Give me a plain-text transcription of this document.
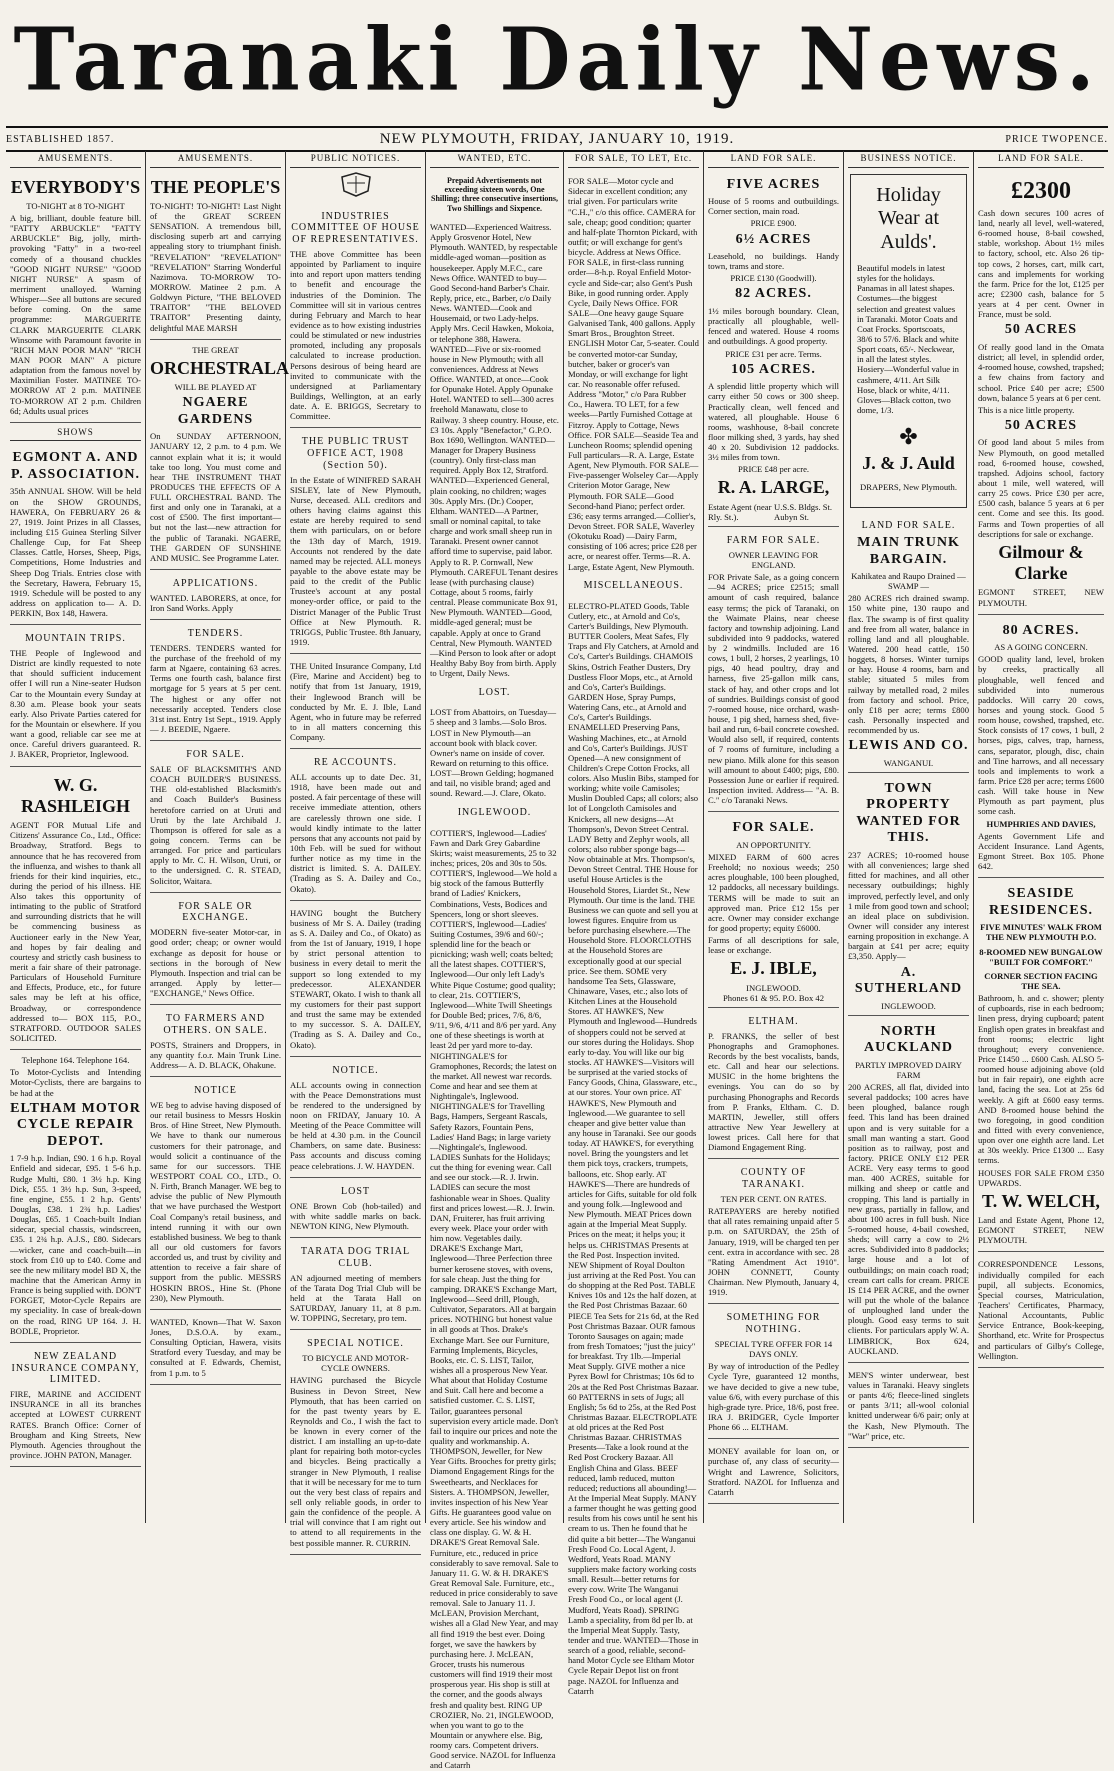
Taranaki Daily News.
ESTABLISHED 1857.	NEW PLYMOUTH, FRIDAY, JANUARY 10, 1919.	PRICE TWOPENCE.
AMUSEMENTS.
EVERYBODY'S
TO-NIGHT at 8 TO-NIGHT

A big, brilliant, double feature bill. "FATTY ARBUCKLE" "FATTY ARBUCKLE" Big, jolly, mirth-provoking "Fatty" in a two-reel comedy of a thousand chuckles "GOOD NIGHT NURSE" "GOOD NIGHT NURSE" A spasm of merriment unalloyed. Warning Whisper—See all buttons are secured before coming. On the same programme: MARGUERITE CLARK MARGUERITE CLARK Winsome with Paramount favorite in "RICH MAN POOR MAN" "RICH MAN POOR MAN" A picture adaptation from the famous novel by Maximilian Foster. MATINEE TO-MORROW AT 2 p.m. MATINEE TO-MORROW AT 2 p.m. Children 6d; Adults usual prices

SHOWS
EGMONT A. AND P. ASSOCIATION.

35th ANNUAL SHOW. Will be held on the SHOW GROUNDS, HAWERA, On FEBRUARY 26 & 27, 1919. Joint Prizes in all Classes, including £15 Guinea Sterling Silver Challenge Cup, for Fat Sheep Classes. Cattle, Horses, Sheep, Pigs, Competitions, Home Industries and Sheep Dog Trials. Entries close with the Secretary, Hawera, February 15, 1919. Schedule will be posted to any address on application to— A. D. PERKIN, Box 148, Hawera.

MOUNTAIN TRIPS.

THE People of Inglewood and District are kindly requested to note that should sufficient inducement offer I will run a Nine-seater Hudson Car to the Mountain every Sunday at 8.30 a.m. Please book your seats early. Also Private Parties catered for for the Mountain or elsewhere. If you want a good, reliable car see me at once. Careful drivers guaranteed. R. J. BAKER, Proprietor, Inglewood.

W. G. RASHLEIGH

AGENT FOR Mutual Life and Citizens' Assurance Co., Ltd., Office: Broadway, Stratford. Begs to announce that he has recovered from the influenza, and wishes to thank all friends for their kind inquiries, etc., during the period of his illness. HE Also takes this opportunity of intimating to the public of Stratford and surrounding districts that he will be commencing business as Auctioneer early in the New Year, and hopes by fair dealing and courtesy and strictly cash business to merit a fair share of their patronage. Particulars of Household Furniture and Effects, Produce, etc., for future sales may be left at his office, Broadway, or correspondence addressed to— BOX 115, P.O., STRATFORD. OUTDOOR SALES SOLICITED.

Telephone 164. Telephone 164.

To Motor-Cyclists and Intending Motor-Cyclists, there are bargains to be had at the

ELTHAM MOTOR CYCLE REPAIR DEPOT.

1 7-9 h.p. Indian, £90. 1 6 h.p. Royal Enfield and sidecar, £95. 1 5-6 h.p. Rudge Multi, £80. 1 3½ h.p. King Dick, £55. 1 3½ h.p. Sun, 3-speed, fine engine, £55. 1 2 h.p. Gents' Douglas, £38. 1 2¾ h.p. Ladies' Douglas, £65. 1 Coach-built Indian sidecar, special chassis, windscreen, £35. 1 2¾ h.p. A.J.S., £80. Sidecars—wicker, cane and coach-built—in stock from £10 up to £40. Come and see the new military model BD X, the machine that the American Army in France is being supplied with. DON'T FORGET, Motor-Cycle Repairs are my speciality. In case of break-down on the road, RING UP 164. J. H. BODLE, Proprietor.

NEW ZEALAND INSURANCE COMPANY, LIMITED.

FIRE, MARINE and ACCIDENT INSURANCE in all its branches accepted at LOWEST CURRENT RATES. Branch Office: Corner of Brougham and King Streets, New Plymouth. Agencies throughout the province. JOHN PATON, Manager.

AMUSEMENTS.
THE PEOPLE'S

TO-NIGHT! TO-NIGHT! Last Night of the GREAT SCREEN SENSATION. A tremendous bill, disclosing superb art and carrying appealing story to triumphant finish. "REVELATION" "REVELATION" "REVELATION" Starring Wonderful Nazimova. TO-MORROW TO-MORROW. Matinee 2 p.m. A Goldwyn Picture, "THE BELOVED TRAITOR" "THE BELOVED TRAITOR" Presenting dainty, delightful MAE MARSH

THE GREAT
ORCHESTRALA
WILL BE PLAYED AT
NGAERE GARDENS

On SUNDAY AFTERNOON, JANUARY 12, 2 p.m. to 4 p.m. We cannot explain what it is; it would take too long. You must come and hear THE INSTRUMENT THAT PRODUCES THE EFFECTS OF A FULL ORCHESTRAL BAND. The first and only one in Taranaki, at a cost of £500. The first important—but not the last—new attraction for the public of Taranaki. NGAERE, THE GARDEN OF SUNSHINE AND MUSIC. See Programme Later.

APPLICATIONS.

WANTED. LABORERS, at once, for Iron Sand Works. Apply

TENDERS.

TENDERS. TENDERS wanted for the purchase of the freehold of my farm at Ngaere, containing 63 acres. Terms one fourth cash, balance first mortgage for 5 years at 5 per cent. The highest or any offer not necessarily accepted. Tenders close 31st inst. Entry 1st Sept., 1919. Apply— J. BEEDIE, Ngaere.

FOR SALE.

SALE OF BLACKSMITH'S AND COACH BUILDER'S BUSINESS. THE old-established Blacksmith's and Coach Builder's Business heretofore carried on at Uruti and Uruti by the late Archibald J. Thompson is offered for sale as a going concern. Terms can be arranged. For price and particulars apply to Mr. C. H. Wilson, Uruti, or to the undersigned. C. R. STEAD, Solicitor, Waitara.

FOR SALE OR EXCHANGE.

MODERN five-seater Motor-car, in good order; cheap; or owner would exchange as deposit for house or sections in the borough of New Plymouth. Inspection and trial can be arranged. Apply by letter— "EXCHANGE," News Office.

TO FARMERS AND OTHERS. ON SALE.

POSTS, Strainers and Droppers, in any quantity f.o.r. Main Trunk Line. Address— A. D. BLACK, Ohakune.

NOTICE

WE beg to advise having disposed of our retail business to Messrs Hoskin Bros. of Hine Street, New Plymouth. We have to thank our numerous customers for their patronage, and would solicit a continuance of the same for our successors. THE WESTPORT COAL CO., LTD., O. N. Firth, Branch Manager. WE beg to advise the public of New Plymouth that we have purchased the Westport Coal Company's retail business, and intend running it with our own established business. We beg to thank all our old customers for favors accorded us, and trust by civility and attention to receive a fair share of support from the public. MESSRS HOSKIN BROS., Hine St. (Phone 230), New Plymouth.

WANTED, Known—That W. Saxon Jones, D.S.O.A. by exam., Consulting Optician, Hawera, visits Stratford every Tuesday, and may be consulted at F. Edwards, Chemist, from 1 p.m. to 5

PUBLIC NOTICES.
INDUSTRIES COMMITTEE OF HOUSE OF REPRESENTATIVES.

THE above Committee has been appointed by Parliament to inquire into and report upon matters tending to benefit and encourage the industries of the Dominion. The Committee will sit in various centres during February and March to hear evidence as to how existing industries could be stimulated or new industries promoted, including any proposals calculated to increase production. Persons desirous of being heard are invited to communicate with the undersigned at Parliamentary Buildings, Wellington, at an early date. A. E. BRIGGS, Secretary to Committee.

THE PUBLIC TRUST OFFICE ACT, 1908 (Section 50).

In the Estate of WINIFRED SARAH SISLEY, late of New Plymouth, Nurse, deceased. ALL creditors and others having claims against this estate are hereby required to send them with particulars, on or before the 13th day of March, 1919. Accounts not rendered by the date named may be rejected. ALL moneys payable to the above estate may be paid to the credit of the Public Trustee's account at any postal money-order office, or paid to the District Manager of the Public Trust Office at New Plymouth. R. TRIGGS, Public Trustee. 8th January, 1919.

THE United Insurance Company, Ltd (Fire, Marine and Accident) beg to notify that from 1st January, 1919, their Inglewood Branch will be conducted by Mr. E. J. Ible, Land Agent, who in future may be referred to in all matters concerning this Company.

RE ACCOUNTS.

ALL accounts up to date Dec. 31, 1918, have been made out and posted. A fair percentage of these will receive immediate attention, others are carelessly thrown one side. I would kindly intimate to the latter persons that any accounts not paid by 10th Feb. will be sued for without further notice as my time in the district is limited. S. A. DAILEY. (Trading as S. A. Dailey and Co., Okato).

HAVING bought the Butchery business of Mr S. A. Dailey (trading as S. A. Dailey and Co., of Okato) as from the 1st of January, 1919, I hope by strict personal attention to business in every detail to merit the support so long extended to my predecessor. ALEXANDER STEWART, Okato. I wish to thank all my customers for their past support and trust the same may be extended to my successor. S. A. DAILEY, (Trading as S. A. Dailey and Co., Okato).

NOTICE.

ALL accounts owing in connection with the Peace Demonstrations must be rendered to the undersigned by noon on FRIDAY, January 10. A Meeting of the Peace Committee will be held at 4.30 p.m. in the Council Chambers, on same date. Business: Pass accounts and discuss coming peace celebrations. J. W. HAYDEN.

LOST

ONE Brown Cob (hob-tailed) and with white saddle marks on back. NEWTON KING, New Plymouth.

TARATA DOG TRIAL CLUB.

AN adjourned meeting of members of the Tarata Dog Trial Club will be held at the Tarata Hall on SATURDAY, January 11, at 8 p.m. W. TOPPING, Secretary, pro tem.

SPECIAL NOTICE.
TO BICYCLE AND MOTOR-CYCLE OWNERS.

HAVING purchased the Bicycle Business in Devon Street, New Plymouth, that has been carried on for the past twenty years by E. Reynolds and Co., I wish the fact to be known in every corner of the district. I am installing an up-to-date plant for repairing both motor-cycles and bicycles. Being practically a stranger in New Plymouth, I realise that it will be necessary for me to turn out the very best class of repairs and sell only reliable goods, in order to gain the confidence of the people. A trial will convince that I am right out to attend to all requirements in the best possible manner. R. CURRIN.

WANTED, ETC.

Prepaid Advertisements not exceeding sixteen words, One Shilling; three consecutive insertions, Two Shillings and Sixpence.

WANTED—Experienced Waitress. Apply Grosvenor Hotel, New Plymouth. WANTED, by respectable middle-aged woman—position as housekeeper. Apply M.F.C., care News Office. WANTED to buy—Good Second-hand Barber's Chair. Reply, price, etc., Barber, c/o Daily News. WANTED—Cook and Housemaid, or two Lady-helps. Apply Mrs. Cecil Hawken, Mokoia, or telephone 388, Hawera. WANTED—Five or six-roomed house in New Plymouth; with all conveniences. Address at News Office. WANTED, at once—Cook for Opunake Hotel. Apply Opunake Hotel. WANTED to sell—300 acres freehold Manawatu, close to Railway. 3 sheep country. House, etc. £3 10s. Apply "Benefactor," G.P.O. Box 1690, Wellington. WANTED—Manager for Drapery Business (country). Only first-class man required. Apply Box 12, Stratford. WANTED—Experienced General, plain cooking, no children; wages 30s. Apply Mrs. (Dr.) Cooper, Eltham. WANTED—A Partner, small or nominal capital, to take charge and work small sheep run in Taranaki. Present owner cannot afford time to supervise, paid labor. Apply to R. P. Cornwall, New Plymouth. CAREFUL Tenant desires lease (with purchasing clause) Cottage, about 5 rooms, fairly central. Please communicate Box 91, New Plymouth. WANTED—Good, middle-aged general; must be capable. Apply at once to Grand Central, New Plymouth. WANTED—Kind Person to look after or adopt Healthy Baby Boy from birth. Apply to Urgent, Daily News.

LOST.

LOST from Abattoirs, on Tuesday—5 sheep and 3 lambs.—Solo Bros. LOST in New Plymouth—an account book with black cover. Owner's name on inside of cover. Reward on returning to this office. LOST—Brown Gelding; hogmaned and tail, no visible brand; aged and sound. Reward.—J. Clare, Okato.

INGLEWOOD.

COTTIER'S, Inglewood—Ladies' Fawn and Dark Grey Gabardine Skirts; waist measurements, 25 to 32 inches; prices, 20s and 30s to 50s. COTTIER'S, Inglewood—We hold a big stock of the famous Butterfly brand of Ladies' Knickers, Combinations, Vests, Bodices and Spencers, long or short sleeves. COTTIER'S, Inglewood—Ladies' Suiting Costumes, 39/6 and 60/-; splendid line for the beach or picnicking; wash well; coats belted; all the latest shapes. COTTIER'S, Inglewood—Our only left Lady's White Pique Costume; good quality; to clear, 21s. COTTIER'S, Inglewood—White Twill Sheetings for Double Bed; prices, 7/6, 8/6, 9/11, 9/6, 4/11 and 8/6 per yard. Any one of these sheetings is worth at least 2d per yard more to-day. NIGHTINGALE'S for Gramophones, Records; the latest on the market. All newest war records. Come and hear and see them at Nightingale's, Inglewood. NIGHTINGALE'S for Travelling Bags, Hampers, Sergeant Rascals, Safety Razors, Fountain Pens, Ladies' Hand Bags; in large variety—Nightingale's, Inglewood. LADIES Sunhats for the Holidays; cut the thing for evening wear. Call and see our stock.—R. J. Irwin. LADIES can secure the most fashionable wear in Shoes. Quality first and prices lowest.—R. J. Irwin. DAN, Fruiterer, has fruit arriving every week. Place your order with him now. Vegetables daily. DRAKE'S Exchange Mart, Inglewood—Three Perfection three burner kerosene stoves, with ovens, for sale cheap. Just the thing for camping. DRAKE'S Exchange Mart, Inglewood—Seed drill, Plough, Cultivator, Separators. All at bargain prices. NOTHING but honest value in all goods at Thos. Drake's Exchange Mart. See our Furniture, Farming Implements, Bicycles, Books, etc. C. S. LIST, Tailor, wishes all a prosperous New Year. What about that Holiday Costume and Suit. Call here and become a satisfied customer. C. S. LIST, Tailor, guarantees personal supervision every article made. Don't fail to inquire our prices and note the quality and workmanship. A. THOMPSON, Jeweller, for New Year Gifts. Brooches for pretty girls; Diamond Engagement Rings for the Sweethearts, and Necklaces for Sisters. A. THOMPSON, Jeweller, invites inspection of his New Year Gifts. He guarantees good value on every article. See his window and class one display. G. W. & H. DRAKE'S Great Removal Sale. Furniture, etc., reduced in price considerably to save removal. Sale to January 11. G. W. & H. DRAKE'S Great Removal Sale. Furniture, etc., reduced in price considerably to save removal. Sale to January 11. J. McLEAN, Provision Merchant, wishes all a Glad New Year, and may all find 1919 the best ever. Doing forget, we save the hawkers by purchasing here. J. McLEAN, Grocer, trusts his numerous customers will find 1919 their most prosperous year. His shop is still at the corner, and the goods always fresh and quality best. RING UP CROZIER, No. 21, INGLEWOOD, when you want to go to the Mountain or anywhere else. Big, roomy cars. Competent drivers. Good service. NAZOL for Influenza and Catarrh

FOR SALE, TO LET, Etc.

FOR SALE—Motor cycle and Sidecar in excellent condition; any trial given. For particulars write "C.H.," c/o this office. CAMERA for sale, cheap; good condition; quarter and half-plate Thornton Pickard, with outfit; or will exchange for gent's bicycle. Address at News Office. FOR SALE, in first-class running order—8-h.p. Royal Enfield Motor-cycle and Side-car; also Gent's Push Bike, in good running order. Apply Cycle, Daily News Office. FOR SALE—One heavy gauge Square Galvanised Tank, 400 gallons. Apply Smart Bros., Broughton Street. ENGLISH Motor Car, 5-seater. Could be converted motor-car Sunday, butcher, baker or grocer's van Monday, or will exchange for light car. No reasonable offer refused. Address "Motor," c/o Para Rubber Co., Hawera. TO LET, for a few weeks—Partly Furnished Cottage at Fitzroy. Apply to Cottage, News Office. FOR SALE—Seaside Tea and Luncheon Rooms; splendid opening Full particulars—R. A. Large, Estate Agent, New Plymouth. FOR SALE—Five-passenger Wolseley Car—Apply Criterion Motor Garage, New Plymouth. FOR SALE—Good Second-hand Piano; perfect order. £36; easy terms arranged.—Collier's, Devon Street. FOR SALE, Waverley (Okotuku Road) —Dairy Farm, consisting of 106 acres; price £28 per acre, or nearest offer. Terms—R. A. Large, Estate Agent, New Plymouth.

MISCELLANEOUS.

ELECTRO-PLATED Goods, Table Cutlery, etc., at Arnold and Co's, Carter's Buildings, New Plymouth. BUTTER Coolers, Meat Safes, Fly Traps and Fly Catchers, at Arnold and Co's, Carter's Buildings. CHAMOIS Skins, Ostrich Feather Dusters, Dry Dustless Floor Mops, etc., at Arnold and Co's, Carter's Buildings. GARDEN Hose, Spray Pumps, Watering Cans, etc., at Arnold and Co's, Carter's Buildings. ENAMELLED Preserving Pans, Washing Machines, etc., at Arnold and Co's, Carter's Buildings. JUST Opened—A new consignment of Children's Crepe Cotton Frocks, all colors. Also Muslin Bibs, stamped for working; white voile Camisoles; Muslin Doubled Caps; all colors; also lot of Longcloth Camisoles and Knickers, all new designs—At Thompson's, Devon Street Central. LADY Betty and Zephyr wools, all colors; also rubber sponge bags—Now obtainable at Mrs. Thompson's, Devon Street Central. THE House for useful House Articles is the Household Stores, Liardet St., New Plymouth. Our time is the land. THE Business we can quote and sell you at lowest figures. Enquire from us before purchasing elsewhere.—The Household Store. FLOORCLOTHS at the Household Stores are exceptionally good at our special price. See them. SOME very handsome Tea Sets, Glassware, Chinaware, Vases, etc.; also lots of Kitchen Lines at the Household Stores. AT HAWKE'S, New Plymouth and Inglewood—Hundreds of shoppers could not be served at our stores during the Holidays. Shop early to-day. You will like our big stocks. AT HAWKE'S—Visitors will be surprised at the varied stocks of Fancy Goods, China, Glassware, etc., at our stores. Your own price. AT HAWKE'S, New Plymouth and Inglewood.—We guarantee to sell cheaper and give better value than any house in Taranaki. See our goods today. AT HAWKE'S, for everything novel. Bring the youngsters and let them pick toys, crackers, trumpets, balloons, etc. Shop early. AT HAWKE'S—There are hundreds of articles for Gifts, suitable for old folk and young folk.—Inglewood and New Plymouth. MEAT Prices down again at the Imperial Meat Supply. Prices on the meat; it helps you; it helps us. CHRISTMAS Presents at the Red Post. Inspection invited. NEW Shipment of Royal Doulton just arriving at the Red Post. You can do shopping at the Red Post. TABLE Knives 10s and 12s the half dozen, at the Red Post Christmas Bazaar. 60 PIECE Tea Sets for 21s 6d, at the Red Post Christmas Bazaar. OUR famous Toronto Sausages on again; made from fresh Tomatoes; "just the juicy" for breakfast. Try 1lb.—Imperial Meat Supply. GIVE mother a nice Pyrex Bowl for Christmas; 10s 6d to 20s at the Red Post Christmas Bazaar. 60 PATTERNS in sets of Jugs; all English; 5s 6d to 25s, at the Red Post Christmas Bazaar. ELECTROPLATE at old prices at the Red Post Christmas Bazaar. CHRISTMAS Presents—Take a look round at the Red Post Crockery Bazaar. All English China and Glass. BEEF reduced, lamb reduced, mutton reduced; reductions all abounding!—At the Imperial Meat Supply. MANY a farmer thought he was getting good results from his cows until he sent his cream to us. Then he found that he did quite a bit better—The Wanganui Fresh Food Co. Local Agent, J. Wedford, Yeats Road. MANY suppliers make factory working costs small. Result—better returns for every cow. Write The Wanganui Fresh Food Co., or local agent (J. Mudford, Yeats Road). SPRING Lamb a speciality, from 8d per lb. at the Imperial Meat Supply. Tasty, tender and true. WANTED—Those in search of a good, reliable, second-hand Motor Cycle see Eltham Motor Cycle Repair Depot list on front page. NAZOL for Influenza and Catarrh

LAND FOR SALE.
FIVE ACRES

House of 5 rooms and outbuildings. Corner section, main road.

PRICE £900.
6½ ACRES

Leasehold, no buildings. Handy town, trams and store.

PRICE £130 (Goodwill).
82 ACRES.

1½ miles borough boundary. Clean, practically all ploughable, well-fenced and watered. House 4 rooms and outbuildings. A good property.

PRICE £31 per acre. Terms.
105 ACRES.

A splendid little property which will carry either 50 cows or 300 sheep. Practically clean, well fenced and watered, all ploughable. House 6 rooms, washhouse, 8-bail concrete floor milking shed, 3 yards, hay shed 40 x 20. Subdivision 12 paddocks. 3½ miles from town.

PRICE £48 per acre.
R. A. LARGE,
Estate Agent (near Rly. St.).
U.S.S. Bldgs. St. Aubyn St.
FARM FOR SALE.
OWNER LEAVING FOR ENGLAND.

FOR Private Sale, as a going concern—94 ACRES; price £2515; small amount of cash required, balance easy terms; the pick of Taranaki, on the Waimate Plains, near cheese factory and township adjoining. Land subdivided into 9 paddocks, watered by 2 windmills. Included are 16 cows, 1 bull, 2 horses, 2 yearlings, 10 pigs, 40 head poultry, dray and harness, five 25-gallon milk cans, stack of hay, and other crops and lot of sundries. Buildings consist of good 7-roomed house, nice orchard, wash-house, 1 pig shed, harness shed, five-bail and run, 6-bail concrete cowshed. Would also sell, if required, contents of 7 rooms of furniture, including a new piano. Milk alone for this season will amount to about £400; pigs, £80. Possession June or earlier if required. Inspection invited. Address— "A. B. C." c/o Taranaki News.

FOR SALE.
AN OPPORTUNITY.

MIXED FARM of 600 acres Freehold; no noxious weeds; 250 acres ploughable, 100 been ploughed, 12 paddocks, all necessary buildings. TERMS will be made to suit an approved man. Price £12 15s per acre. Owner may consider exchange for good property; equity £6000.

Farms of all descriptions for sale, lease or exchange.

E. J. IBLE,
INGLEWOOD.
Phones 61 & 95. P.O. Box 42
ELTHAM.

P. FRANKS, the seller of best Phonographs and Gramophones. Records by the best vocalists, bands, etc. Call and hear our selections. MUSIC in the home brightens the evenings. You can do so by purchasing Phonographs and Records from P. Franks, Eltham. C. D. MARTIN, Jeweller, still offers attractive New Year Jewellery at lowest prices. Call here for that Diamond Engagement Ring.

COUNTY OF TARANAKI.
TEN PER CENT. ON RATES.

RATEPAYERS are hereby notified that all rates remaining unpaid after 5 p.m. on SATURDAY, the 25th of January, 1919, will be charged ten per cent. extra in accordance with sec. 28 "Rating Amendment Act 1910". JOHN CONNETT, County Chairman. New Plymouth, January 4, 1919.

SOMETHING FOR NOTHING.
SPECIAL TYRE OFFER FOR 14 DAYS ONLY.

By way of introduction of the Pedley Cycle Tyre, guaranteed 12 months, we have decided to give a new tube, value 6/6, with every purchase of this high-grade tyre. Price, 18/6, post free. IRA J. BRIDGER, Cycle Importer Phone 66 ... ELTHAM.

MONEY available for loan on, or purchase of, any class of security—Wright and Lawrence, Solicitors, Stratford. NAZOL for Influenza and Catarrh

BUSINESS NOTICE.
Holiday Wear at Aulds'.

Beautiful models in latest styles for the holidays. Panamas in all latest shapes. Costumes—the biggest selection and greatest values in Taranaki. Motor Coats and Coat Frocks. Sportscoats, 38/6 to 57/6. Black and white Sport coats, 65/-. Neckwear, in all the latest styles. Hosiery—Wonderful value in cashmere, 4/11. Art Silk Hose, black or white, 4/11. Gloves—Black cotton, two dome, 1/3.

✤
J. & J. Auld

DRAPERS, New Plymouth.

LAND FOR SALE.
MAIN TRUNK BARGAIN.
Kahikatea and Raupo Drained — SWAMP —

280 ACRES rich drained swamp. 150 white pine, 130 raupo and flax. The swamp is of first quality and free from all water, balance in rolling land and all ploughable. Watered. 200 head cattle, 150 hoggets, 8 horses. Winter turnips or hay. House 4 rooms, barn and stable; situated 5 miles from railway by metalled road, 2 miles from factory and school. Price, only £18 per acre; terms £800 cash. Personally inspected and recommended by us.

LEWIS AND CO.
WANGANUI.
TOWN PROPERTY WANTED FOR THIS.

237 ACRES; 10-roomed house with all conveniences; large shed fitted for machines, and all other necessary outbuildings; highly improved, perfectly level, and only 1 mile from good town and school; an ideal place on subdivision. Owner will consider any interest earning proposition in exchange. A bargain at £41 per acre; equity £3,350. Apply—

A. SUTHERLAND
INGLEWOOD.
NORTH AUCKLAND
PARTLY IMPROVED DAIRY FARM

200 ACRES, all flat, divided into several paddocks; 100 acres have been ploughed, balance rough feed. This land has been drained upon and is very suitable for a small man wanting a start. Good position as to railway, post and factory. PRICE ONLY £12 PER ACRE. Very easy terms to good man. 400 ACRES, suitable for milking and sheep or cattle and cropping. This land is partially in new grass, partially in fallow, and about 100 acres in full bush. Nice 5-roomed house, 4-bail cowshed, sheds; will carry a cow to 2½ acres. Subdivided into 8 paddocks; large house and a lot of outbuildings; on main coach road; cream cart calls for cream. PRICE IS £14 PER ACRE, and the owner will put the whole of the balance of unploughed land under the plough. Good easy terms to suit clients. For particulars apply W. A. LIMBRICK, Box 624, AUCKLAND.

MEN'S winter underwear, best values in Taranaki. Heavy singlets or pants 4/6; fleece-lined singlets or pants 3/11; all-wool colonial knitted underwear 6/6 pair; only at the Kash, New Plymouth. The "War" price, etc.

LAND FOR SALE.
£2300

Cash down secures 100 acres of land, nearly all level, well-watered, 6-roomed house, 8-bail cowshed, stable, workshop. About 1½ miles to factory, school, etc. Also 26 tip-top cows, 2 horses, cart, milk cart, cans and implements for working the farm. Price for the lot, £125 per acre; £2300 cash, balance for 5 years at 4 per cent. Owner in France, must be sold.

50 ACRES

Of really good land in the Omata district; all level, in splendid order, 4-roomed house, cowshed, trapshed; a few chains from factory and school. Price £40 per acre; £500 down, balance 5 years at 6 per cent.

This is a nice little property.

50 ACRES

Of good land about 5 miles from New Plymouth, on good metalled road, 6-roomed house, cowshed, trapshed. Adjoins school, factory about 1 mile, well watered, will carry 25 cows. Price £30 per acre, £500 cash, balance 5 years at 6 per cent. Come and see this. Its good. Farms and Town properties of all descriptions for sale or exchange.

Gilmour & Clarke

EGMONT STREET, NEW PLYMOUTH.

80 ACRES.
AS A GOING CONCERN.

GOOD quality land, level, broken by creeks, practically all ploughable, well fenced and subdivided into numerous paddocks. Will carry 20 cows, horses and young stock. Good 5 room house, cowshed, trapshed, etc. Stock consists of 17 cows, 1 bull, 2 horses, pigs, calves, trap, harness, cans, separator, plough, disc, chain and Tine harrows, and all necessary tools and implements to work a farm. Price £28 per acre; terms £600 cash. Will take house in New Plymouth as part payment, plus some cash.

HUMPHRIES AND DAVIES,

Agents Government Life and Accident Insurance. Land Agents, Egmont Street. Box 105. Phone 642.

SEASIDE RESIDENCES.
FIVE MINUTES' WALK FROM THE NEW PLYMOUTH P.O.
8-ROOMED NEW BUNGALOW "BUILT FOR COMFORT."
CORNER SECTION FACING THE SEA.

Bathroom, h. and c. shower; plenty of cupboards, rise in each bedroom; linen press, drying cupboard; patent English open grates in breakfast and front rooms; electric light throughout; every convenience. Price £1450 ... £600 Cash. ALSO 5-roomed house adjoining above (old but in fair repair), one eighth acre land, facing the sea. Lot at 25s 6d weekly. A gift at £600 easy terms. AND 8-roomed house behind the two foregoing, in good condition and fitted with every convenience, upon over one eighth acre land. Let at 30s weekly. Price £1300 ... Easy terms.

HOUSES FOR SALE FROM £350 UPWARDS.

T. W. WELCH,

Land and Estate Agent, Phone 12, EGMONT STREET, NEW PLYMOUTH.

CORRESPONDENCE Lessons, individually compiled for each pupil, all subjects. Economics, Special courses, Matriculation, Teachers' Certificates, Pharmacy, National Accountants, Public Service Entrance, Book-keeping, Shorthand, etc. Write for Prospectus and particulars of Gilby's College, Wellington.
